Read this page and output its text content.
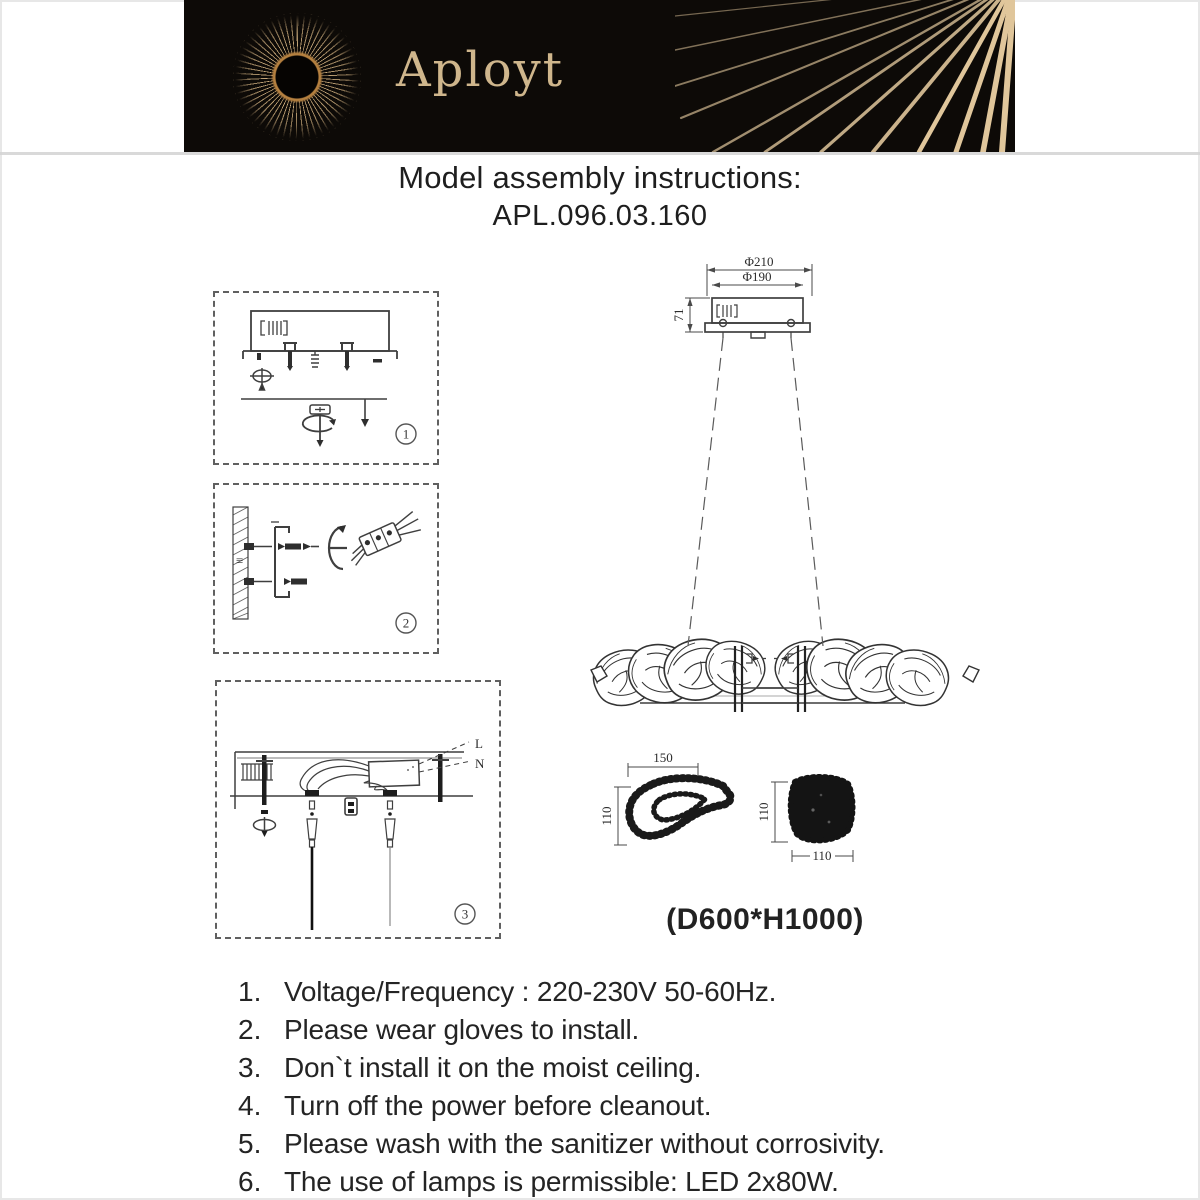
Aployt
Model assembly instructions:
APL.096.03.160
1
≡
2
L
N
3
Φ210
Φ190
71
150
110	110
110
(D600*H1000)
1. Voltage/Frequency : 220-230V 50-60Hz.
2. Please wear gloves to install.
3. Don`t install it on the moist ceiling.
4. Turn off the power before cleanout.
5. Please wash with the sanitizer without corrosivity.
6. The use of lamps is permissible: LED 2x80W.
